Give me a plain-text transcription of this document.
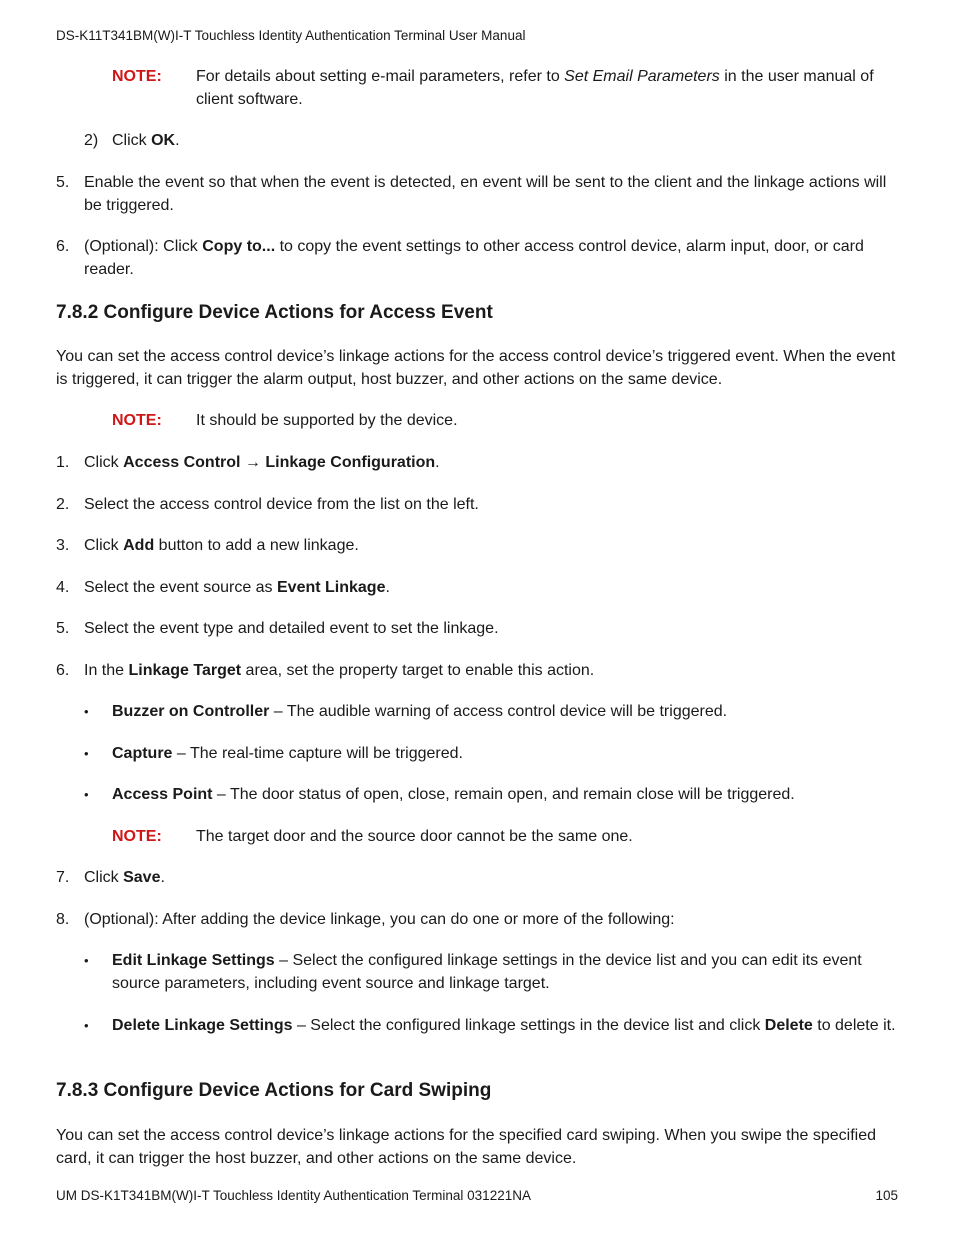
DS-K11T341BM(W)I-T Touchless Identity Authentication Terminal User Manual
NOTE: For details about setting e-mail parameters, refer to Set Email Parameters in the user manual of client software.
2) Click OK.
5. Enable the event so that when the event is detected, en event will be sent to the client and the linkage actions will be triggered.
6. (Optional): Click Copy to... to copy the event settings to other access control device, alarm input, door, or card reader.
7.8.2 Configure Device Actions for Access Event
You can set the access control device’s linkage actions for the access control device’s triggered event. When the event is triggered, it can trigger the alarm output, host buzzer, and other actions on the same device.
NOTE: It should be supported by the device.
1. Click Access Control → Linkage Configuration.
2. Select the access control device from the list on the left.
3. Click Add button to add a new linkage.
4. Select the event source as Event Linkage.
5. Select the event type and detailed event to set the linkage.
6. In the Linkage Target area, set the property target to enable this action.
• Buzzer on Controller – The audible warning of access control device will be triggered.
• Capture – The real-time capture will be triggered.
• Access Point – The door status of open, close, remain open, and remain close will be triggered.
NOTE: The target door and the source door cannot be the same one.
7. Click Save.
8. (Optional): After adding the device linkage, you can do one or more of the following:
• Edit Linkage Settings – Select the configured linkage settings in the device list and you can edit its event source parameters, including event source and linkage target.
• Delete Linkage Settings – Select the configured linkage settings in the device list and click Delete to delete it.
7.8.3 Configure Device Actions for Card Swiping
You can set the access control device’s linkage actions for the specified card swiping. When you swipe the specified card, it can trigger the host buzzer, and other actions on the same device.
UM DS-K1T341BM(W)I-T Touchless Identity Authentication Terminal 031221NA	105
